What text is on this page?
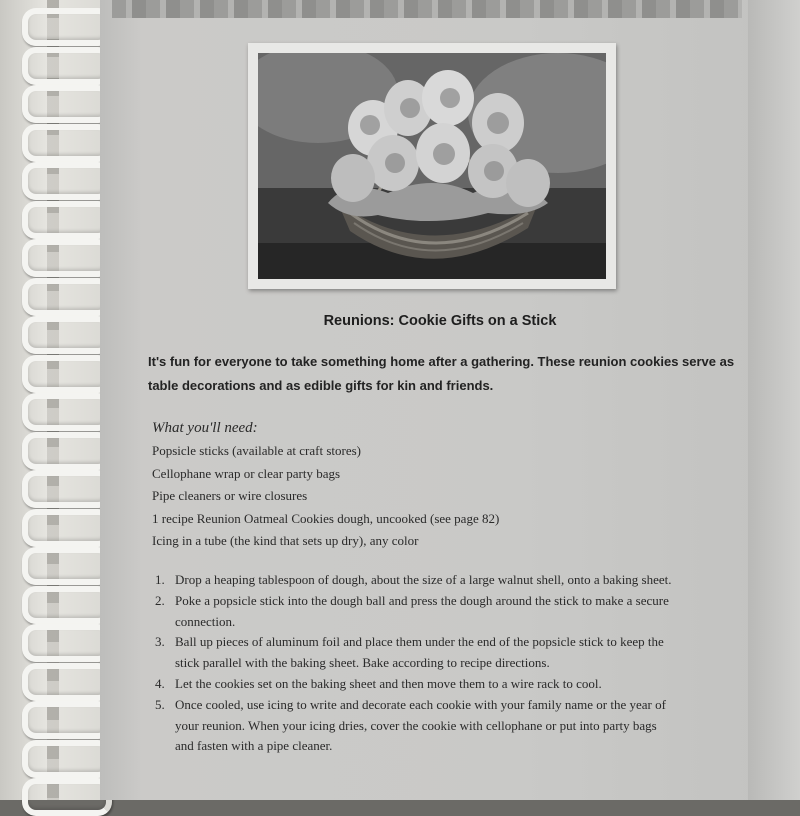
Reunions: Cookie Gifts on a Stick
It's fun for everyone to take something home after a gathering. These reunion cookies serve as
table decorations and as edible gifts for kin and friends.
What you'll need:
Popsicle sticks (available at craft stores)
Cellophane wrap or clear party bags
Pipe cleaners or wire closures
1 recipe Reunion Oatmeal Cookies dough, uncooked (see page 82)
Icing in a tube (the kind that sets up dry), any color
1. Drop a heaping tablespoon of dough, about the size of a large walnut shell, onto a baking sheet.
2. Poke a popsicle stick into the dough ball and press the dough around the stick to make a secure
connection.
3. Ball up pieces of aluminum foil and place them under the end of the popsicle stick to keep the
stick parallel with the baking sheet. Bake according to recipe directions.
4. Let the cookies set on the baking sheet and then move them to a wire rack to cool.
5. Once cooled, use icing to write and decorate each cookie with your family name or the year of
your reunion. When your icing dries, cover the cookie with cellophane or put into party bags
and fasten with a pipe cleaner.
